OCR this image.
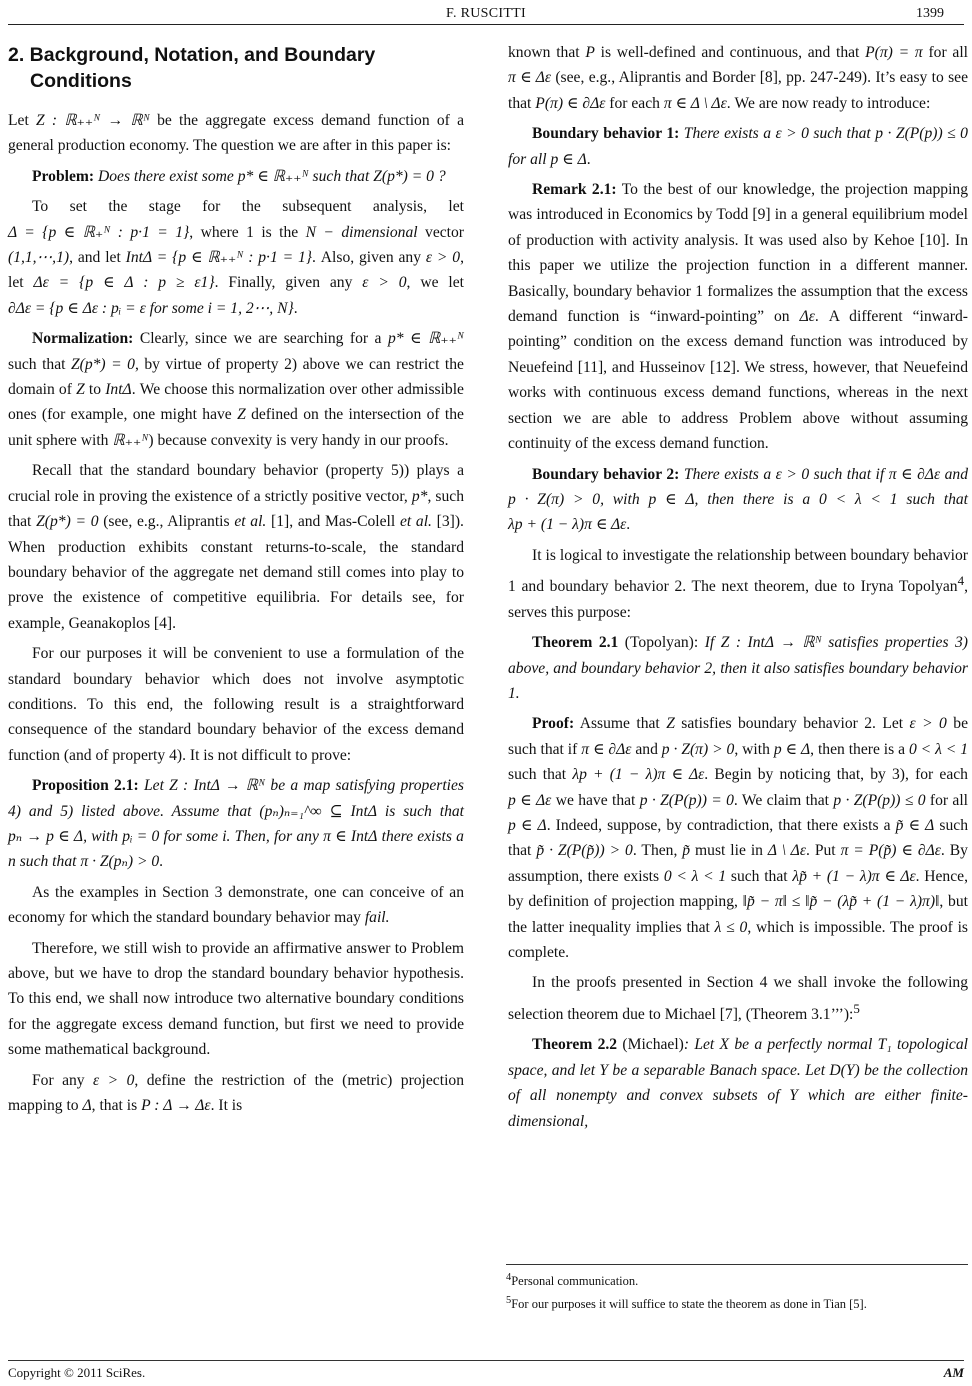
F. RUSCITTI	1399
2. Background, Notation, and Boundary
Conditions

Let Z : ℝ₊₊ᴺ → ℝᴺ be the aggregate excess demand function of a general production economy. The question we are after in this paper is:

Problem: Does there exist some p* ∈ ℝ₊₊ᴺ such that Z(p*) = 0 ?

To set the stage for the subsequent analysis, let Δ = {p ∈ ℝ₊ᴺ : p·1 = 1}, where 1 is the N − dimensional vector (1,1,⋯,1), and let IntΔ = {p ∈ ℝ₊₊ᴺ : p·1 = 1}. Also, given any ε > 0, let Δε = {p ∈ Δ : p ≥ ε1}. Finally, given any ε > 0, we let ∂Δε = {p ∈ Δε : pᵢ = ε for some i = 1, 2⋯, N}.

Normalization: Clearly, since we are searching for a p* ∈ ℝ₊₊ᴺ such that Z(p*) = 0, by virtue of property 2) above we can restrict the domain of Z to IntΔ. We choose this normalization over other admissible ones (for example, one might have Z defined on the intersection of the unit sphere with ℝ₊₊ᴺ) because convexity is very handy in our proofs.

Recall that the standard boundary behavior (property 5)) plays a crucial role in proving the existence of a strictly positive vector, p*, such that Z(p*) = 0 (see, e.g., Aliprantis et al. [1], and Mas-Colell et al. [3]). When production exhibits constant returns-to-scale, the standard boundary behavior of the aggregate net demand still comes into play to prove the existence of competitive equilibria. For details see, for example, Geanakoplos [4].

For our purposes it will be convenient to use a formulation of the standard boundary behavior which does not involve asymptotic conditions. To this end, the following result is a straightforward consequence of the standard boundary behavior of the excess demand function (and of property 4). It is not difficult to prove:

Proposition 2.1: Let Z : IntΔ → ℝᴺ be a map satisfying properties 4) and 5) listed above. Assume that (pₙ)ₙ₌₁^∞ ⊆ IntΔ is such that pₙ → p ∈ Δ, with pᵢ = 0 for some i. Then, for any π ∈ IntΔ there exists a n such that π · Z(pₙ) > 0.

As the examples in Section 3 demonstrate, one can conceive of an economy for which the standard boundary behavior may fail.

Therefore, we still wish to provide an affirmative answer to Problem above, but we have to drop the standard boundary behavior hypothesis. To this end, we shall now introduce two alternative boundary conditions for the aggregate excess demand function, but first we need to provide some mathematical background.

For any ε > 0, define the restriction of the (metric) projection mapping to Δ, that is P : Δ → Δε. It is

known that P is well-defined and continuous, and that P(π) = π for all π ∈ Δε (see, e.g., Aliprantis and Border [8], pp. 247-249). It’s easy to see that P(π) ∈ ∂Δε for each π ∈ Δ \ Δε. We are now ready to introduce:

Boundary behavior 1: There exists a ε > 0 such that p · Z(P(p)) ≤ 0 for all p ∈ Δ.

Remark 2.1: To the best of our knowledge, the projection mapping was introduced in Economics by Todd [9] in a general equilibrium model of production with activity analysis. It was used also by Kehoe [10]. In this paper we utilize the projection function in a different manner. Basically, boundary behavior 1 formalizes the assumption that the excess demand function is “inward-pointing” on Δε. A different “inward-pointing” condition on the excess demand function was introduced by Neuefeind [11], and Husseinov [12]. We stress, however, that Neuefeind works with continuous excess demand functions, whereas in the next section we are able to address Problem above without assuming continuity of the excess demand function.

Boundary behavior 2: There exists a ε > 0 such that if π ∈ ∂Δε and p · Z(π) > 0, with p ∈ Δ, then there is a 0 < λ < 1 such that λp + (1 − λ)π ∈ Δε.

It is logical to investigate the relationship between boundary behavior 1 and boundary behavior 2. The next theorem, due to Iryna Topolyan$^4$, serves this purpose:

Theorem 2.1 (Topolyan): If Z : IntΔ → ℝᴺ satisfies properties 3) above, and boundary behavior 2, then it also satisfies boundary behavior 1.

Proof: Assume that Z satisfies boundary behavior 2. Let ε > 0 be such that if π ∈ ∂Δε and p · Z(π) > 0, with p ∈ Δ, then there is a 0 < λ < 1 such that λp + (1 − λ)π ∈ Δε. Begin by noticing that, by 3), for each p ∈ Δε we have that p · Z(P(p)) = 0. We claim that p · Z(P(p)) ≤ 0 for all p ∈ Δ. Indeed, suppose, by contradiction, that there exists a p̃ ∈ Δ such that p̃ · Z(P(p̃)) > 0. Then, p̃ must lie in Δ \ Δε. Put π = P(p̃) ∈ ∂Δε. By assumption, there exists 0 < λ < 1 such that λp̃ + (1 − λ)π ∈ Δε. Hence, by definition of projection mapping, ‖p̃ − π‖ ≤ ‖p̃ − (λp̃ + (1 − λ)π)‖, but the latter inequality implies that λ ≤ 0, which is impossible. The proof is complete.

In the proofs presented in Section 4 we shall invoke the following selection theorem due to Michael [7], (Theorem 3.1’’’):$^5$

Theorem 2.2 (Michael): Let X be a perfectly normal T₁ topological space, and let Y be a separable Banach space. Let D(Y) be the collection of all nonempty and convex subsets of Y which are either finite-dimensional,

$^4$Personal communication.

$^5$For our purposes it will suffice to state the theorem as done in Tian [5].

Copyright © 2011 SciRes.	AM
